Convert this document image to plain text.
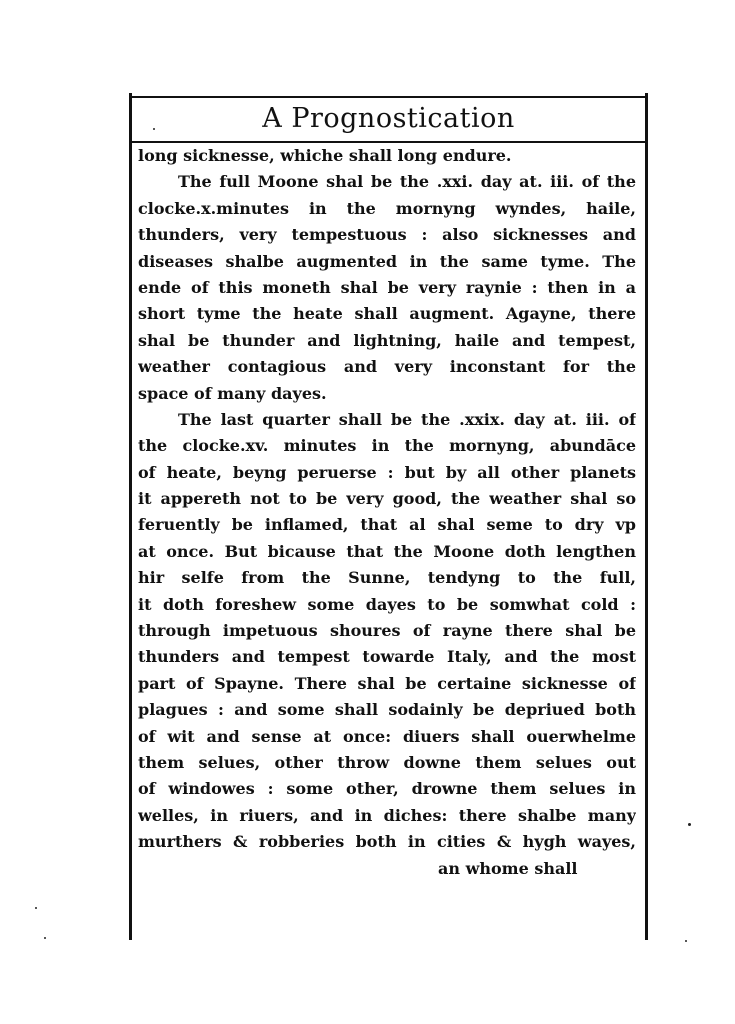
A Prognostication
long sicknesse, whiche shall long endure.
The full Moone shal be the .xxi. day at. iii. of the
clocke.x.minutes in the mornyng wyndes, haile,
thunders, very tempestuous : also sicknesses and
diseases shalbe augmented in the same tyme. The
ende of this moneth shal be very raynie : then in a
short tyme the heate shall augment. Agayne, there
shal be thunder and lightning, haile and tempest,
weather contagious and very inconstant for the
space of many dayes.
The last quarter shall be the .xxix. day at. iii. of
the clocke.xv. minutes in the mornyng, abundāce
of heate, beyng peruerse : but by all other planets
it appereth not to be very good, the weather shal so
feruently be inflamed, that al shal seme to dry vp
at once. But bicause that the Moone doth lengthen
hir selfe from the Sunne, tendyng to the full,
it doth foreshew some dayes to be somwhat cold :
through impetuous shoures of rayne there shal be
thunders and tempest towarde Italy, and the most
part of Spayne. There shal be certaine sicknesse of
plagues : and some shall sodainly be depriued both
of wit and sense at once: diuers shall ouerwhelme
them selues, other throw downe them selues out
of windowes : some other, drowne them selues in
welles, in riuers, and in diches: there shalbe many
murthers & robberies both in cities & hygh wayes,
an whome shall
